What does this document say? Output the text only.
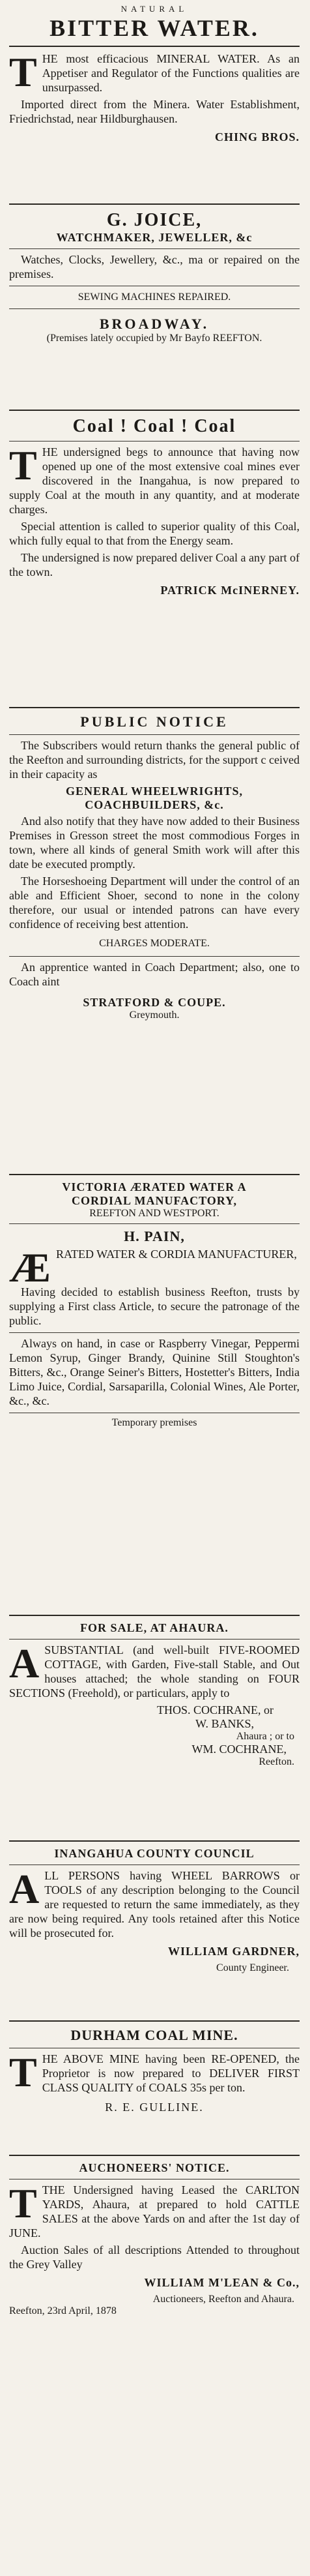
NATURAL
BITTER WATER.
T HE most efficacious MINERAL WATER. As an Appetiser and Regulator of the Functions qualities are unsurpassed.
Imported direct from the Minera. Water Establishment, Friedrichstad, near Hildburghausen.
CHING BROS.
G. JOICE,
WATCHMAKER, JEWELLER, &c
Watches, Clocks, Jewellery, &c., ma or repaired on the premises.
SEWING MACHINES REPAIRED.
BROADWAY.
(Premises lately occupied by Mr Bayfo REEFTON.
Coal ! Coal ! Coal
T HE undersigned begs to announce that having now opened up one of the most extensive coal mines ever discovered in the Inangahua, is now prepared to supply Coal at the mouth in any quantity, and at moderate charges.
Special attention is called to superior quality of this Coal, which fully equal to that from the Energy seam.
The undersigned is now prepared deliver Coal a any part of the town.
PATRICK McINERNEY.
PUBLIC NOTICE
The Subscribers would return thanks the general public of the Reefton and surrounding districts, for the support c ceived in their capacity as
GENERAL WHEELWRIGHTS, COACHBUILDERS, &c.
And also notify that they have now added to their Business Premises in Gresson street the most commodious Forges in town, where all kinds of general Smith work will after this date be executed promptly.
The Horseshoeing Department will under the control of an able and Efficient Shoer, second to none in the colony therefore, our usual or intended patrons can have every confidence of receiving best attention.
CHARGES MODERATE.
An apprentice wanted in Coach Department; also, one to Coach aint
STRATFORD & COUPE.
Greymouth.
VICTORIA ÆRATED WATER A
CORDIAL MANUFACTORY,
REEFTON AND WESTPORT.
H. PAIN,
Æ RATED WATER & CORDIA MANUFACTURER,
Having decided to establish business Reefton, trusts by supplying a First class Article, to secure the patronage of the public.
Always on hand, in case or Raspberry Vinegar, Peppermi Lemon Syrup, Ginger Brandy, Quinine Still Stoughton's Bitters, &c., Orange Seiner's Bitters, Hostetter's Bitters, India Limo Juice, Cordial, Sarsaparilla, Colonial Wines, Ale Porter, &c., &c.
Temporary premises
FOR SALE, AT AHAURA.
A SUBSTANTIAL (and well-built FIVE-ROOMED COTTAGE, with Garden, Five-stall Stable, and Out houses attached; the whole standing on FOUR SECTIONS (Freehold), or particulars, apply to
THOS. COCHRANE, or
W. BANKS,
Ahaura ; or to
WM. COCHRANE,
Reefton.
INANGAHUA COUNTY COUNCIL
A LL PERSONS having WHEEL BARROWS or TOOLS of any description belonging to the Council are requested to return the same immediately, as they are now being required. Any tools retained after this Notice will be prosecuted for.
WILLIAM GARDNER,
County Engineer.
DURHAM COAL MINE.
T HE ABOVE MINE having been RE-OPENED, the Proprietor is now prepared to DELIVER FIRST CLASS QUALITY of COALS 35s per ton.
R. E. GULLINE.
AUCHONEERS' NOTICE.
T THE Undersigned having Leased the CARLTON YARDS, Ahaura, at prepared to hold CATTLE SALES at the above Yards on and after the 1st day of JUNE.
Auction Sales of all descriptions Attended to throughout the Grey Valley
WILLIAM M'LEAN & Co.,
Auctioneers, Reefton and Ahaura.
Reefton, 23rd April, 1878
